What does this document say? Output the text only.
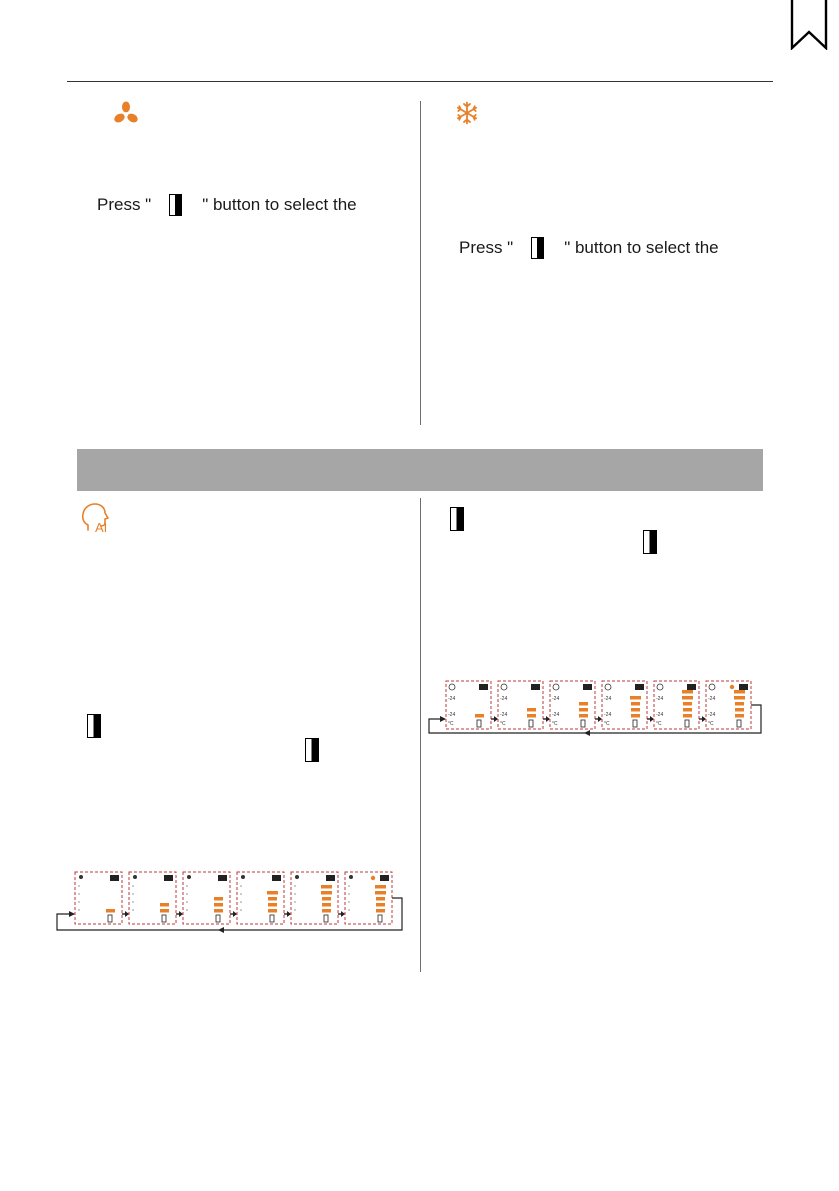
Press "	" button to select the
Press "	" button to select the
AI
-24
-24
°C
-24
-24
°C
-24
-24
°C
-24
-24
°C
-24
-24
°C
-24
-24
°C
